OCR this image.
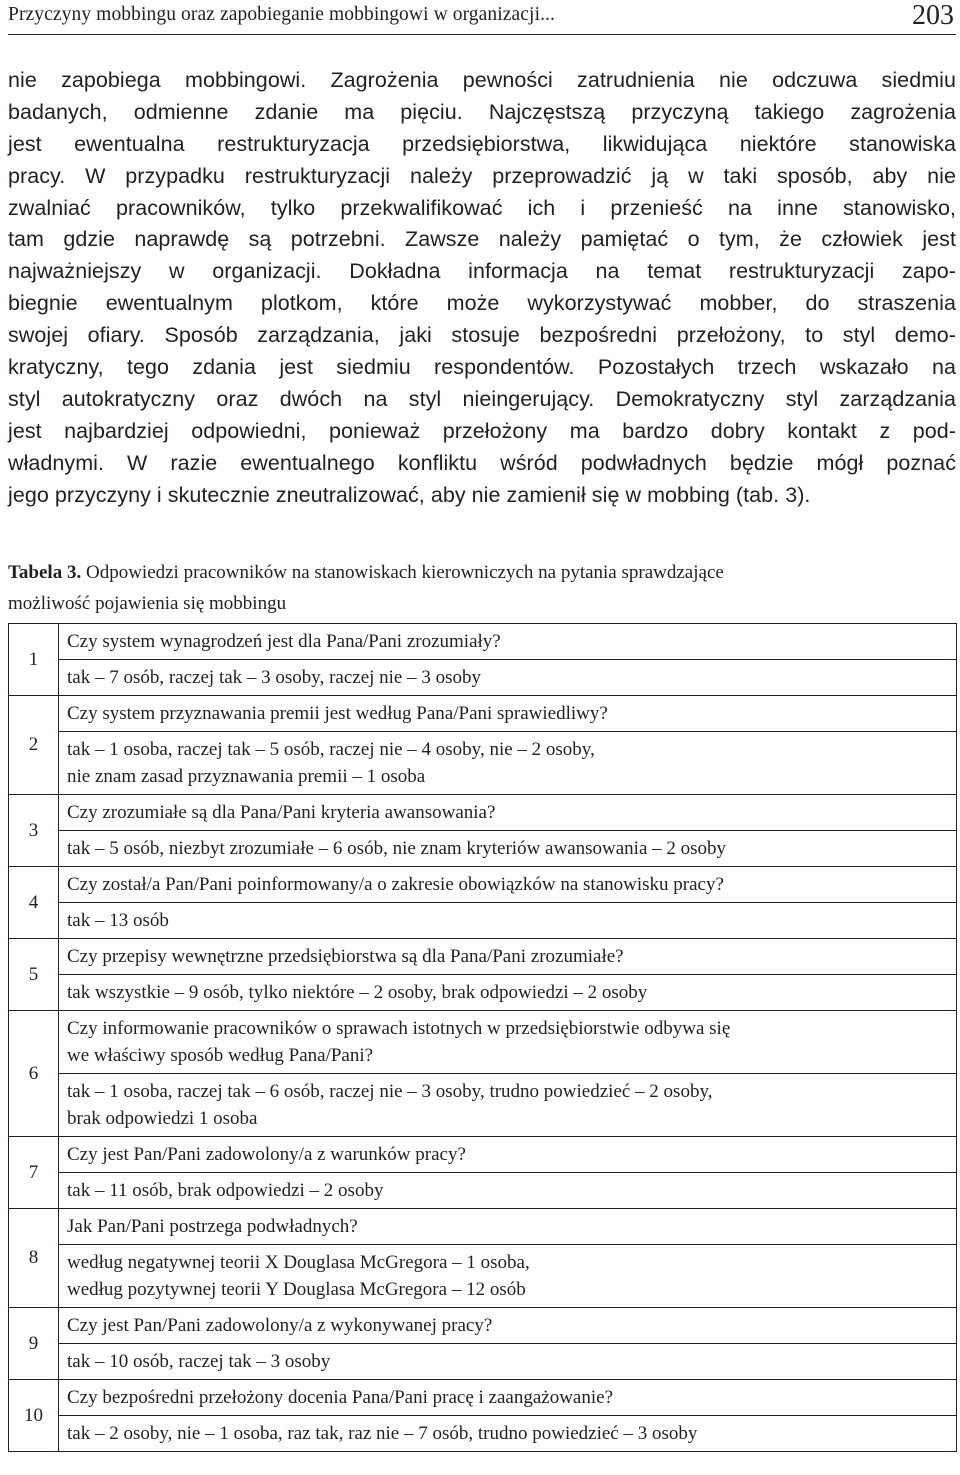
Przyczyny mobbingu oraz zapobieganie mobbingowi w organizacji...	203
nie zapobiega mobbingowi. Zagrożenia pewności zatrudnienia nie odczuwa siedmiu
badanych, odmienne zdanie ma pięciu. Najczęstszą przyczyną takiego zagrożenia
jest ewentualna restrukturyzacja przedsiębiorstwa, likwidująca niektóre stanowiska
pracy. W przypadku restrukturyzacji należy przeprowadzić ją w taki sposób, aby nie
zwalniać pracowników, tylko przekwalifikować ich i przenieść na inne stanowisko,
tam gdzie naprawdę są potrzebni. Zawsze należy pamiętać o tym, że człowiek jest
najważniejszy w organizacji. Dokładna informacja na temat restrukturyzacji zapo-
biegnie ewentualnym plotkom, które może wykorzystywać mobber, do straszenia
swojej ofiary. Sposób zarządzania, jaki stosuje bezpośredni przełożony, to styl demo-
kratyczny, tego zdania jest siedmiu respondentów. Pozostałych trzech wskazało na
styl autokratyczny oraz dwóch na styl nieingerujący. Demokratyczny styl zarządzania
jest najbardziej odpowiedni, ponieważ przełożony ma bardzo dobry kontakt z pod-
władnymi. W razie ewentualnego konfliktu wśród podwładnych będzie mógł poznać
jego przyczyny i skutecznie zneutralizować, aby nie zamienił się w mobbing (tab. 3).
Tabela 3. Odpowiedzi pracowników na stanowiskach kierowniczych na pytania sprawdzające
możliwość pojawienia się mobbingu
1	Czy system wynagrodzeń jest dla Pana/Pani zrozumiały?

	tak – 7 osób, raczej tak – 3 osoby, raczej nie – 3 osoby

2	Czy system przyznawania premii jest według Pana/Pani sprawiedliwy?

	tak – 1 osoba, raczej tak – 5 osób, raczej nie – 4 osoby, nie – 2 osoby,
nie znam zasad przyznawania premii – 1 osoba

3	Czy zrozumiałe są dla Pana/Pani kryteria awansowania?

	tak – 5 osób, niezbyt zrozumiałe – 6 osób, nie znam kryteriów awansowania – 2 osoby

4	Czy został/a Pan/Pani poinformowany/a o zakresie obowiązków na stanowisku pracy?

	tak – 13 osób

5	Czy przepisy wewnętrzne przedsiębiorstwa są dla Pana/Pani zrozumiałe?

	tak wszystkie – 9 osób, tylko niektóre – 2 osoby, brak odpowiedzi – 2 osoby

6	Czy informowanie pracowników o sprawach istotnych w przedsiębiorstwie odbywa się
we właściwy sposób według Pana/Pani?

	tak – 1 osoba, raczej tak – 6 osób, raczej nie – 3 osoby, trudno powiedzieć – 2 osoby,
brak odpowiedzi 1 osoba

7	Czy jest Pan/Pani zadowolony/a z warunków pracy?

	tak – 11 osób, brak odpowiedzi – 2 osoby

8	Jak Pan/Pani postrzega podwładnych?

	według negatywnej teorii X Douglasa McGregora – 1 osoba,
według pozytywnej teorii Y Douglasa McGregora – 12 osób

9	Czy jest Pan/Pani zadowolony/a z wykonywanej pracy?

	tak – 10 osób, raczej tak – 3 osoby

10	Czy bezpośredni przełożony docenia Pana/Pani pracę i zaangażowanie?

	tak – 2 osoby, nie – 1 osoba, raz tak, raz nie – 7 osób, trudno powiedzieć – 3 osoby
